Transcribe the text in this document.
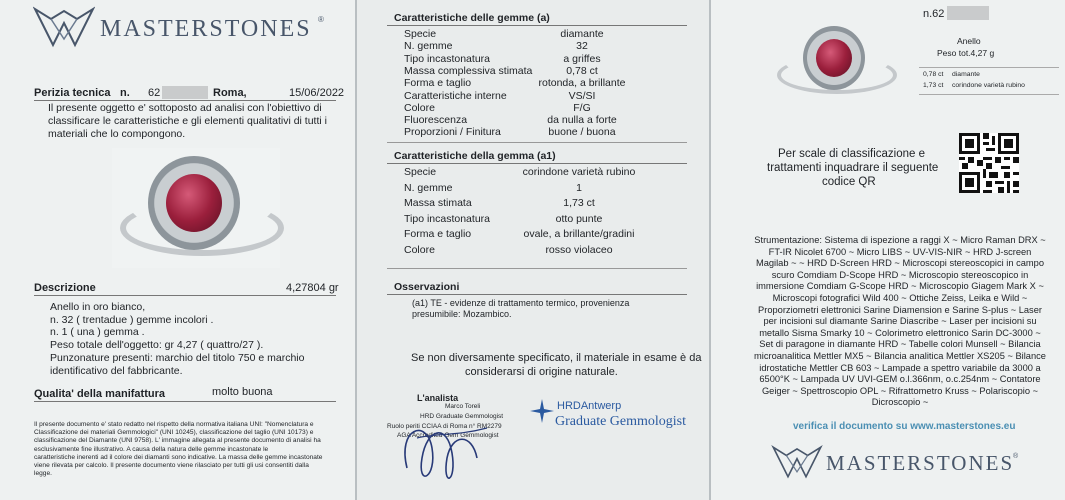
MASTERSTONES ®
Perizia tecnica n. 62	Roma,	15/06/2022
Il presente oggetto e' sottoposto ad analisi con l'obiettivo di
classificare le caratteristiche e gli elementi qualitativi di tutti i
materiali che lo compongono.
Descrizione	4,27804 gr
Anello in oro bianco,
n. 32 ( trentadue ) gemme incolori .
n. 1 ( una ) gemma .
Peso totale dell'oggetto: gr 4,27 ( quattro/27 ).
Punzonature presenti: marchio del titolo 750 e marchio
identificativo del fabbricante.
Qualita' della manifattura	molto buona
Il presente documento e' stato redatto nel rispetto della normativa italiana UNI: "Nomenclatura e
Classificazione dei materiali Gemmologici" (UNI 10245), classificazione del taglio (UNI 10173) e
classificazione del Diamante (UNI 9758). L' immagine allegata al presente documento di analisi ha
esclusivamente fine illustrativo. A causa della natura delle gemme incastonate le
caratteristiche inerenti ad il colore dei diamanti sono indicative. La massa delle gemme incastonate
viene rilevata per calcolo. Il presente documento viene rilasciato per tutti gli usi consentiti dalla
legge.
Caratteristiche delle gemme (a)
Specie	diamante
N. gemme	32
Tipo incastonatura	a griffes
Massa complessiva stimata	0,78 ct
Forma e taglio	rotonda, a brillante
Caratteristiche interne	VS/SI
Colore	F/G
Fluorescenza	da nulla a forte
Proporzioni / Finitura	buone / buona
Caratteristiche della gemma (a1)
Specie	corindone varietà rubino
N. gemme	1
Massa stimata	1,73 ct
Tipo incastonatura	otto punte
Forma e taglio	ovale, a brillante/gradini
Colore	rosso violaceo
Osservazioni
(a1) TE - evidenze di trattamento termico, provenienza
presumibile: Mozambico.
Se non diversamente specificato, il materiale in esame è da
considerarsi di origine naturale.
L'analista
Marco Toreli
HRD Graduate Gemmologist
Ruolo periti CCIAA di Roma n° RM2279
AGA Accredited Gem Gemmologist
HRDAntwerp
Graduate Gemmologist
n.62
Anello
Peso tot.4,27 g
0,78 ct diamante
1,73 ct corindone varietà rubino
Per scale di classificazione e
trattamenti inquadrare il seguente
codice QR
Strumentazione: Sistema di ispezione a raggi X ~ Micro Raman DRX ~
FT-IR Nicolet 6700 ~ Micro LIBS ~ UV-VIS-NIR ~ HRD J-screen
Magilab ~ ~ HRD D-Screen HRD ~ Microscopi stereoscopici in campo
scuro Comdiam D-Scope HRD ~ Microscopio stereoscopico in
immersione Comdiam G-Scope HRD ~ Microscopio Giagem Mark X ~
Microscopi fotografici Wild 400 ~ Ottiche Zeiss, Leika e Wild ~
Proporziometri elettronici Sarine Diamension e Sarine S-plus ~ Laser
per incisioni sul diamante Sarine Diascribe ~ Laser per incisioni su
metallo Sisma Smarky 10 ~ Colorimetro elettronico Sarin DC-3000 ~
Set di paragone in diamante HRD ~ Tabelle colori Munsell ~ Bilancia
microanalitica Mettler MX5 ~ Bilancia analitica Mettler XS205 ~ Bilance
idrostatiche Mettler CB 603 ~ Lampade a spettro variabile da 3000 a
6500°K ~ Lampada UV UVI-GEM o.l.366nm, o.c.254nm ~ Contatore
Geiger ~ Spettroscopio OPL ~ Rifrattometro Kruss ~ Polariscopio ~
Dicroscopio ~
verifica il documento su www.masterstones.eu
MASTERSTONES
®
